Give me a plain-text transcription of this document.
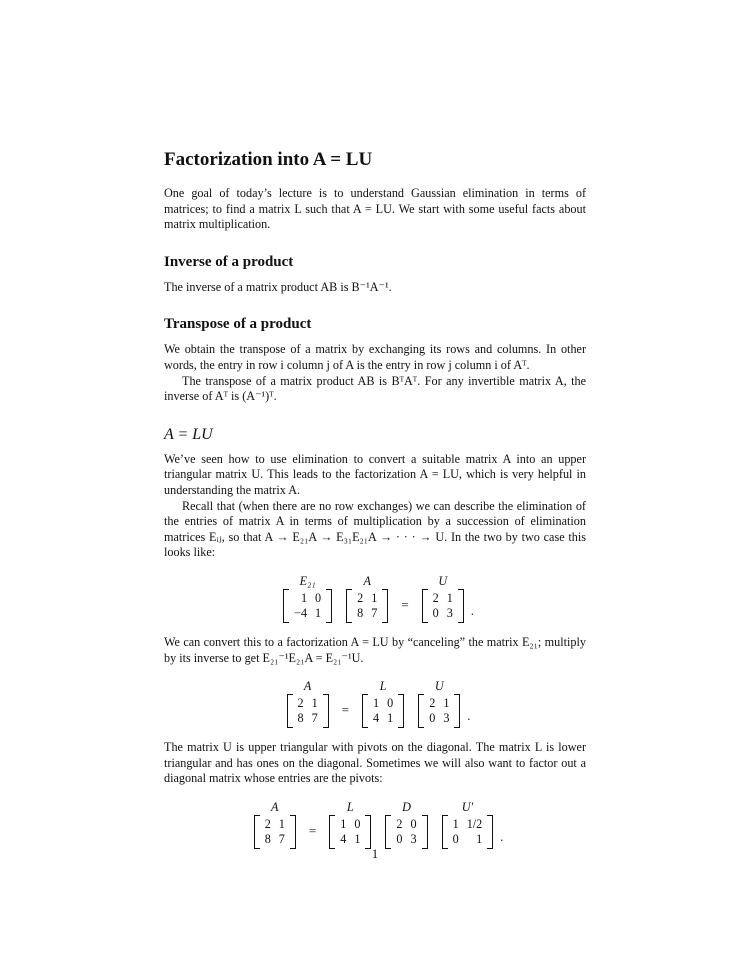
Factorization into A = LU

One goal of today’s lecture is to understand Gaussian elimination in terms of matrices; to find a matrix L such that A = LU. We start with some useful facts about matrix multiplication.

Inverse of a product

The inverse of a matrix product AB is B⁻¹A⁻¹.

Transpose of a product

We obtain the transpose of a matrix by exchanging its rows and columns. In other words, the entry in row i column j of A is the entry in row j column i of Aᵀ.

The transpose of a matrix product AB is BᵀAᵀ. For any invertible matrix A, the inverse of Aᵀ is (A⁻¹)ᵀ.

A = LU

We’ve seen how to use elimination to convert a suitable matrix A into an upper triangular matrix U. This leads to the factorization A = LU, which is very helpful in understanding the matrix A.

Recall that (when there are no row exchanges) we can describe the elimination of the entries of matrix A in terms of multiplication by a succession of elimination matrices Eᵢⱼ, so that A → E₂₁A → E₃₁E₂₁A → · · · → U. In the two by two case this looks like:

E₂₁
1	0
−4	1
A
2	1
8	7
=
U
2	1
0	3 .

We can convert this to a factorization A = LU by “canceling” the matrix E₂₁; multiply by its inverse to get E₂₁⁻¹E₂₁A = E₂₁⁻¹U.

A
2	1
8	7
=
L
1	0
4	1
U
2	1
0	3 .

The matrix U is upper triangular with pivots on the diagonal. The matrix L is lower triangular and has ones on the diagonal. Sometimes we will also want to factor out a diagonal matrix whose entries are the pivots:

A
2	1
8	7
=
L
1	0
4	1
D
2	0
0	3
U′
1	1/2
0	1 .
1
